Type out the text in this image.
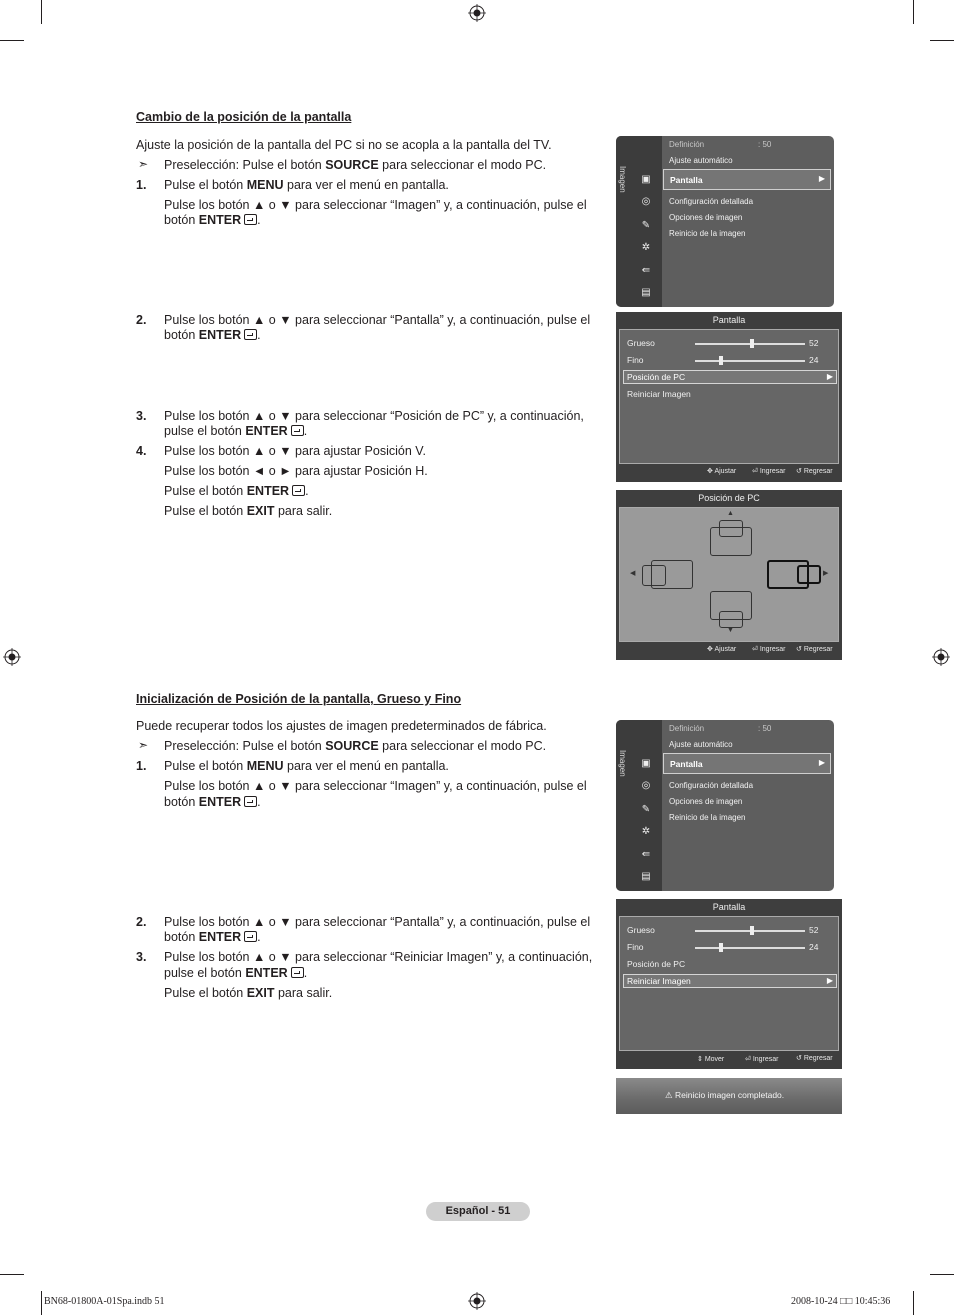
Cambio de la posición de la pantalla
Ajuste la posición de la pantalla del PC si no se acopla a la pantalla del TV.
➣ Preselección: Pulse el botón SOURCE para seleccionar el modo PC.
1. Pulse el botón MENU para ver el menú en pantalla.
Pulse los botón ▲ o ▼ para seleccionar “Imagen” y, a continuación, pulse el
botón ENTER .
2. Pulse los botón ▲ o ▼ para seleccionar “Pantalla” y, a continuación, pulse el
botón ENTER .
3. Pulse los botón ▲ o ▼ para seleccionar “Posición de PC” y, a continuación,
pulse el botón ENTER .
4. Pulse los botón ▲ o ▼ para ajustar Posición V.
Pulse los botón ◄ o ► para ajustar Posición H.
Pulse el botón ENTER .
Pulse el botón EXIT para salir.
Imagen ▣
◎
✎
✲
⇚
▤
Definición	: 50
Ajuste automático
Pantalla	▶
Configuración detallada
Opciones de imagen
Reinicio de la imagen
Pantalla
Grueso	52
Fino	24
Posición de PC	▶
Reiniciar Imagen
✥ Ajustar ⏎ Ingresar ↺ Regresar
Posición de PC
▲
▼
◀	▶
✥ Ajustar ⏎ Ingresar ↺ Regresar
Inicialización de Posición de la pantalla, Grueso y Fino
Puede recuperar todos los ajustes de imagen predeterminados de fábrica.
➣ Preselección: Pulse el botón SOURCE para seleccionar el modo PC.
1. Pulse el botón MENU para ver el menú en pantalla.
Pulse los botón ▲ o ▼ para seleccionar “Imagen” y, a continuación, pulse el
botón ENTER .
2. Pulse los botón ▲ o ▼ para seleccionar “Pantalla” y, a continuación, pulse el
botón ENTER .
3. Pulse los botón ▲ o ▼ para seleccionar “Reiniciar Imagen” y, a continuación,
pulse el botón ENTER .
Pulse el botón EXIT para salir.
Imagen ▣
◎
✎
✲
⇚
▤
Definición	: 50
Ajuste automático
Pantalla	▶
Configuración detallada
Opciones de imagen
Reinicio de la imagen
Pantalla
Grueso	52
Fino	24
Posición de PC
Reiniciar Imagen	▶
⇕ Mover	⏎ Ingresar	↺ Regresar
⚠ Reinicio imagen completado.
Español - 51
BN68-01800A-01Spa.indb 51	2008-10-24 □□ 10:45:36
